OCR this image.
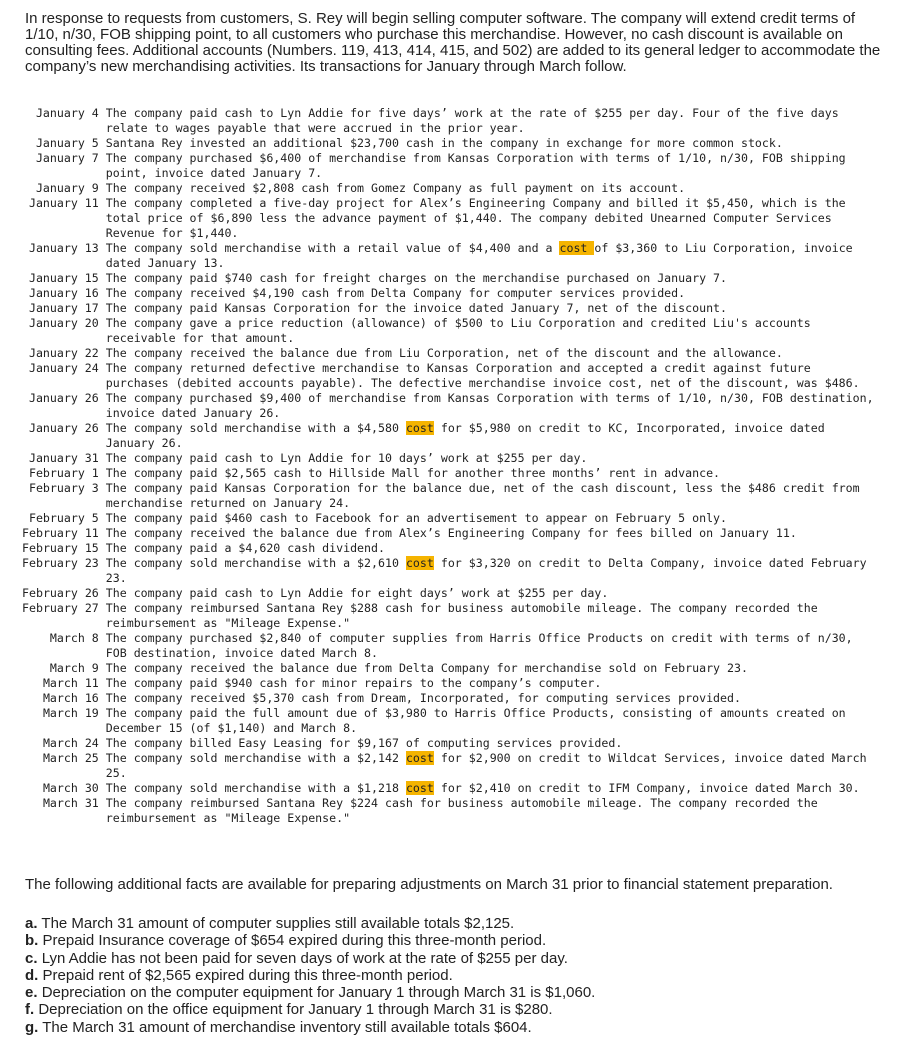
In response to requests from customers, S. Rey will begin selling computer software. The company will extend credit terms of 1/10, n/30, FOB shipping point, to all customers who purchase this merchandise. However, no cash discount is available on consulting fees. Additional accounts (Numbers. 119, 413, 414, 415, and 502) are added to its general ledger to accommodate the company’s new merchandising activities. Its transactions for January through March follow.

January 4	The company paid cash to Lyn Addie for five days’ work at the rate of $255 per day. Four of the five days relate to wages payable that were accrued in the prior year.
January 5	Santana Rey invested an additional $23,700 cash in the company in exchange for more common stock.
January 7	The company purchased $6,400 of merchandise from Kansas Corporation with terms of 1/10, n/30, FOB shipping point, invoice dated January 7.
January 9	The company received $2,808 cash from Gomez Company as full payment on its account.
January 11	The company completed a five-day project for Alex’s Engineering Company and billed it $5,450, which is the total price of $6,890 less the advance payment of $1,440. The company debited Unearned Computer Services Revenue for $1,440.
January 13	The company sold merchandise with a retail value of $4,400 and a cost of $3,360 to Liu Corporation, invoice dated January 13.
January 15	The company paid $740 cash for freight charges on the merchandise purchased on January 7.
January 16	The company received $4,190 cash from Delta Company for computer services provided.
January 17	The company paid Kansas Corporation for the invoice dated January 7, net of the discount.
January 20	The company gave a price reduction (allowance) of $500 to Liu Corporation and credited Liu's accounts receivable for that amount.
January 22	The company received the balance due from Liu Corporation, net of the discount and the allowance.
January 24	The company returned defective merchandise to Kansas Corporation and accepted a credit against future purchases (debited accounts payable). The defective merchandise invoice cost, net of the discount, was $486.
January 26	The company purchased $9,400 of merchandise from Kansas Corporation with terms of 1/10, n/30, FOB destination, invoice dated January 26.
January 26	The company sold merchandise with a $4,580 cost for $5,980 on credit to KC, Incorporated, invoice dated January 26.
January 31	The company paid cash to Lyn Addie for 10 days’ work at $255 per day.
February 1	The company paid $2,565 cash to Hillside Mall for another three months’ rent in advance.
February 3	The company paid Kansas Corporation for the balance due, net of the cash discount, less the $486 credit from merchandise returned on January 24.
February 5	The company paid $460 cash to Facebook for an advertisement to appear on February 5 only.
February 11	The company received the balance due from Alex’s Engineering Company for fees billed on January 11.
February 15	The company paid a $4,620 cash dividend.
February 23	The company sold merchandise with a $2,610 cost for $3,320 on credit to Delta Company, invoice dated February 23.
February 26	The company paid cash to Lyn Addie for eight days’ work at $255 per day.
February 27	The company reimbursed Santana Rey $288 cash for business automobile mileage. The company recorded the reimbursement as "Mileage Expense."
March 8	The company purchased $2,840 of computer supplies from Harris Office Products on credit with terms of n/30, FOB destination, invoice dated March 8.
March 9	The company received the balance due from Delta Company for merchandise sold on February 23.
March 11	The company paid $940 cash for minor repairs to the company’s computer.
March 16	The company received $5,370 cash from Dream, Incorporated, for computing services provided.
March 19	The company paid the full amount due of $3,980 to Harris Office Products, consisting of amounts created on December 15 (of $1,140) and March 8.
March 24	The company billed Easy Leasing for $9,167 of computing services provided.
March 25	The company sold merchandise with a $2,142 cost for $2,900 on credit to Wildcat Services, invoice dated March 25.
March 30	The company sold merchandise with a $1,218 cost for $2,410 on credit to IFM Company, invoice dated March 30.
March 31	The company reimbursed Santana Rey $224 cash for business automobile mileage. The company recorded the reimbursement as "Mileage Expense."

The following additional facts are available for preparing adjustments on March 31 prior to financial statement preparation.

a. The March 31 amount of computer supplies still available totals $2,125.
b. Prepaid Insurance coverage of $654 expired during this three-month period.
c. Lyn Addie has not been paid for seven days of work at the rate of $255 per day.
d. Prepaid rent of $2,565 expired during this three-month period.
e. Depreciation on the computer equipment for January 1 through March 31 is $1,060.
f. Depreciation on the office equipment for January 1 through March 31 is $280.
g. The March 31 amount of merchandise inventory still available totals $604.
